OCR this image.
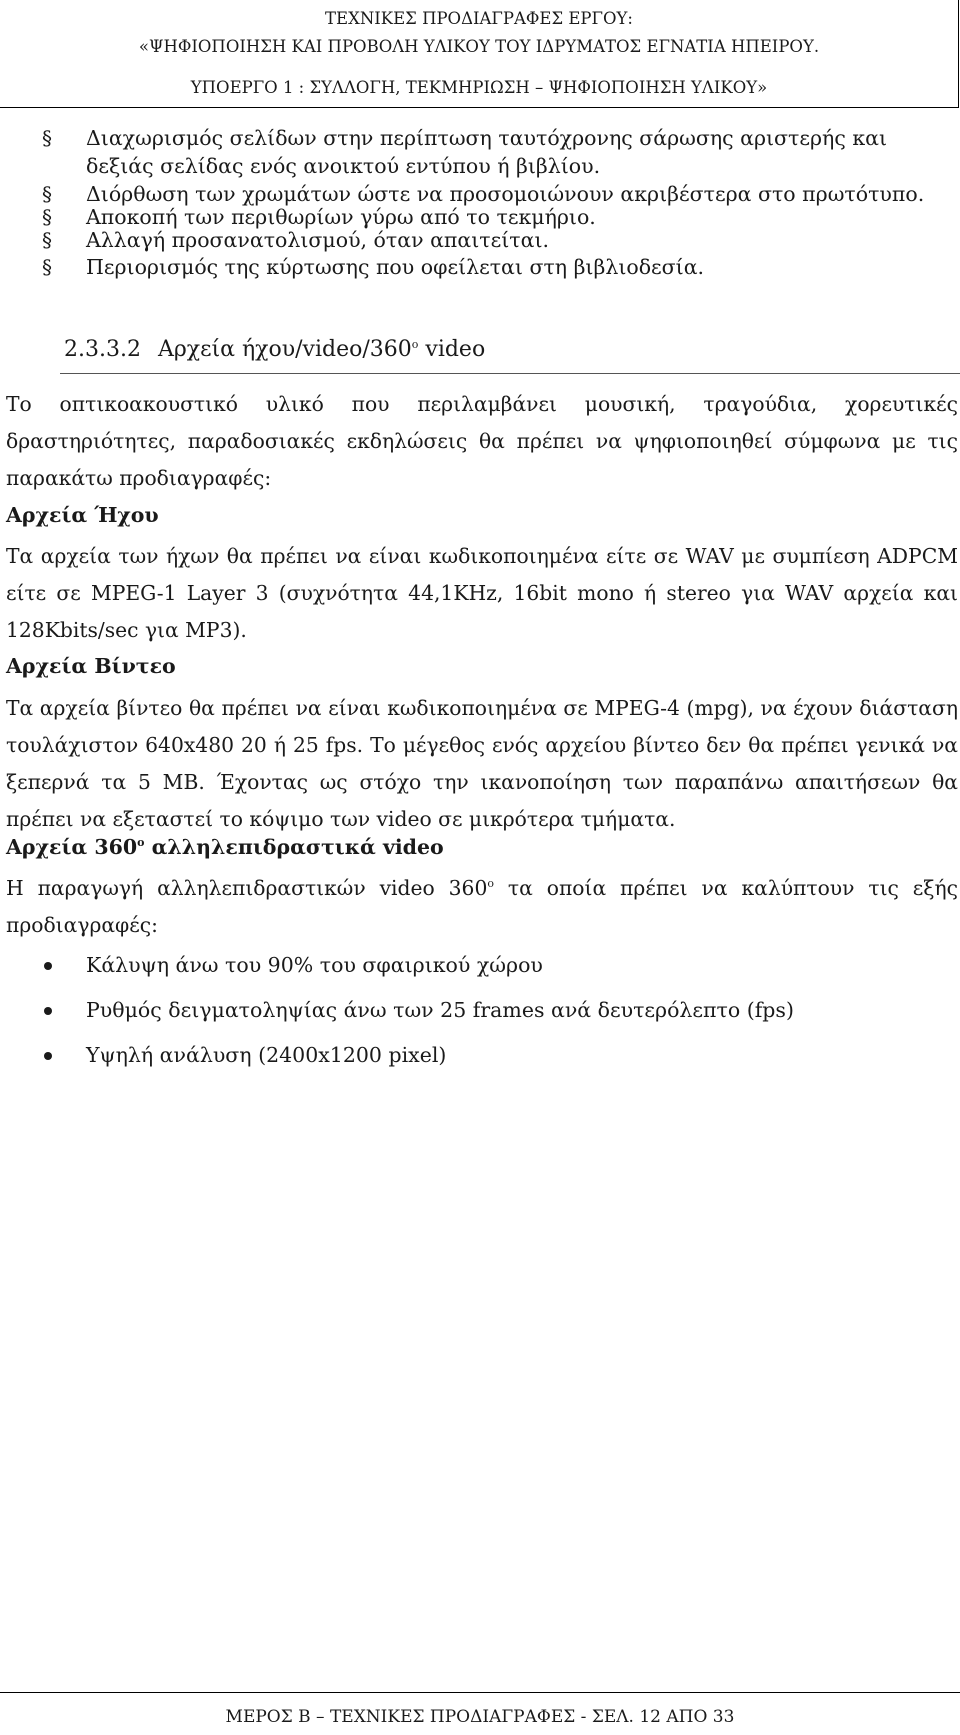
ΤΕΧΝΙΚΕΣ ΠΡΟΔΙΑΓΡΑΦΕΣ ΕΡΓΟΥ:
«ΨΗΦΙΟΠΟΙΗΣΗ ΚΑΙ ΠΡΟΒΟΛΗ ΥΛΙΚΟΥ ΤΟΥ ΙΔΡΥΜΑΤΟΣ ΕΓΝΑΤΙΑ ΗΠΕΙΡΟΥ.
ΥΠΟΕΡΓΟ 1 : ΣΥΛΛΟΓΗ, ΤΕΚΜΗΡΙΩΣΗ – ΨΗΦΙΟΠΟΙΗΣΗ ΥΛΙΚΟΥ»
§ Διαχωρισμός σελίδων στην περίπτωση ταυτόχρονης σάρωσης αριστερής και δεξιάς σελίδας ενός ανοικτού εντύπου ή βιβλίου.
§ Διόρθωση των χρωμάτων ώστε να προσομοιώνουν ακριβέστερα στο πρωτότυπο.
§ Αποκοπή των περιθωρίων γύρω από το τεκμήριο.
§ Αλλαγή προσανατολισμού, όταν απαιτείται.
§ Περιορισμός της κύρτωσης που οφείλεται στη βιβλιοδεσία.
2.3.3.2 Αρχεία ήχου/$video/360^o$ video
Το οπτικοακουστικό υλικό που περιλαμβάνει μουσική, τραγούδια, χορευτικές δραστηριότητες, παραδοσιακές εκδηλώσεις θα πρέπει να ψηφιοποιηθεί σύμφωνα με τις παρακάτω προδιαγραφές:
Αρχεία Ήχου
Τα αρχεία των ήχων θα πρέπει να είναι κωδικοποιημένα είτε σε WAV με συμπίεση ADPCM είτε σε MPEG-1 Layer 3 (συχνότητα 44,1KHz, 16bit mono ή stereo για WAV αρχεία και 128Kbits/sec για MP3).
Αρχεία Βίντεο
Τα αρχεία βίντεο θα πρέπει να είναι κωδικοποιημένα σε MPEG-4 (mpg), να έχουν διάσταση τουλάχιστον 640x480 20 ή 25 fps. Το μέγεθος ενός αρχείου βίντεο δεν θα πρέπει γενικά να ξεπερνά τα 5 MB. Έχοντας ως στόχο την ικανοποίηση των παραπάνω απαιτήσεων θα πρέπει να εξεταστεί το κόψιμο των video σε μικρότερα τμήματα.
Αρχεία $360^o$ αλληλεπιδραστικά video
Η παραγωγή αλληλεπιδραστικών video $360^o$ τα οποία πρέπει να καλύπτουν τις εξής προδιαγραφές:
Κάλυψη άνω του 90% του σφαιρικού χώρου
Ρυθμός δειγματοληψίας άνω των 25 frames ανά δευτερόλεπτο (fps)
Υψηλή ανάλυση (2400x1200 pixel)
ΜΕΡΟΣ Β – ΤΕΧΝΙΚΕΣ ΠΡΟΔΙΑΓΡΑΦΕΣ - ΣΕΛ. 12 ΑΠΟ 33
